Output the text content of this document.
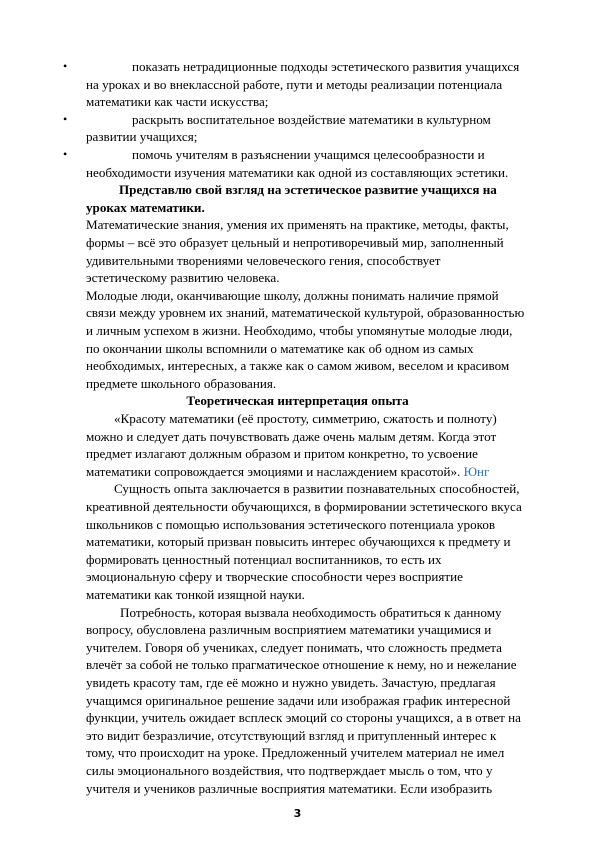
•	показать нетрадиционные подходы эстетического развития учащихся
на уроках и во внеклассной работе, пути и методы реализации потенциала
математики как части искусства;
•	раскрыть воспитательное воздействие математики в культурном
развитии учащихся;
•	помочь учителям в разъяснении учащимся целесообразности и
необходимости изучения математики как одной из составляющих эстетики.
Представлю свой взгляд на эстетическое развитие учащихся на
уроках математики.
Математические знания, умения их применять на практике, методы, факты,
формы – всё это образует цельный и непротиворечивый мир, заполненный
удивительными творениями человеческого гения, способствует
эстетическому развитию человека.
Молодые люди, оканчивающие школу, должны понимать наличие прямой
связи между уровнем их знаний, математической культурой, образованностью
и личным успехом в жизни. Необходимо, чтобы упомянутые молодые люди,
по окончании школы вспомнили о математике как об одном из самых
необходимых, интересных, а также как о самом живом, веселом и красивом
предмете школьного образования.
Теоретическая интерпретация опыта
«Красоту математики (её простоту, симметрию, сжатость и полноту)
можно и следует дать почувствовать даже очень малым детям. Когда этот
предмет излагают должным образом и притом конкретно, то усвоение
математики сопровождается эмоциями и наслаждением красотой». Юнг
Сущность опыта заключается в развитии познавательных способностей,
креативной деятельности обучающихся, в формировании эстетического вкуса
школьников с помощью использования эстетического потенциала уроков
математики, который призван повысить интерес обучающихся к предмету и
формировать ценностный потенциал воспитанников, то есть их
эмоциональную сферу и творческие способности через восприятие
математики как тонкой изящной науки.
Потребность, которая вызвала необходимость обратиться к данному
вопросу, обусловлена различным восприятием математики учащимися и
учителем. Говоря об учениках, следует понимать, что сложность предмета
влечёт за собой не только прагматическое отношение к нему, но и нежелание
увидеть красоту там, где её можно и нужно увидеть. Зачастую, предлагая
учащимся оригинальное решение задачи или изображая график интересной
функции, учитель ожидает всплеск эмоций со стороны учащихся, а в ответ на
это видит безразличие, отсутствующий взгляд и притупленный интерес к
тому, что происходит на уроке. Предложенный учителем материал не имел
силы эмоционального воздействия, что подтверждает мысль о том, что у
учителя и учеников различные восприятия математики. Если изобразить
3
